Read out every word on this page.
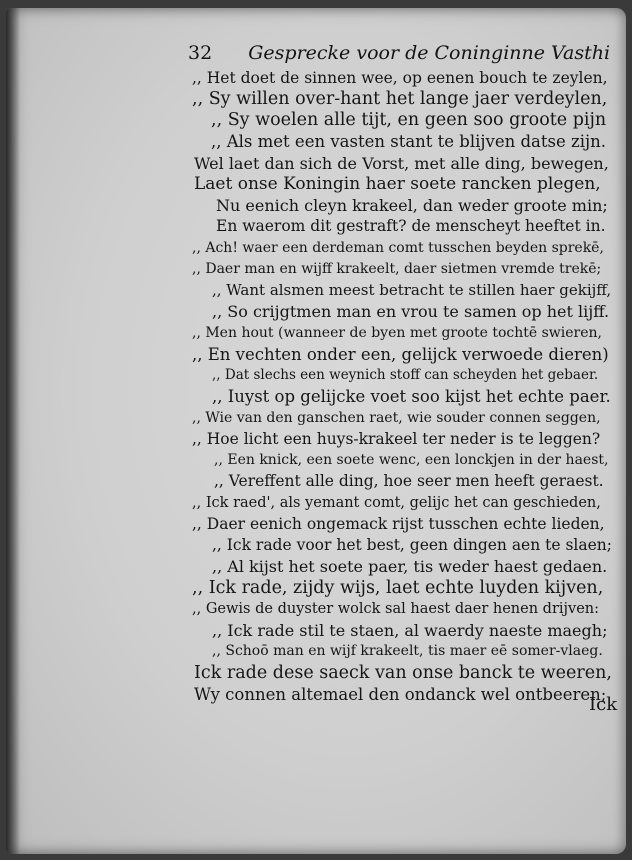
32 Gesprecke voor de Coninginne Vasthi
,, Het doet de sinnen wee, op eenen bouch te zeylen,
,, Sy willen over-hant het lange jaer verdeylen,
,, Sy woelen alle tijt, en geen soo groote pijn
,, Als met een vasten stant te blijven datse zijn.
Wel laet dan sich de Vorst, met alle ding, bewegen,
Laet onse Koningin haer soete rancken plegen,
Nu eenich cleyn krakeel, dan weder groote min;
En waerom dit gestraft? de menscheyt heeftet in.
,, Ach! waer een derdeman comt tusschen beyden sprekē,
,, Daer man en wijff krakeelt, daer sietmen vremde trekē;
,, Want alsmen meest betracht te stillen haer gekijff,
,, So crijgtmen man en vrou te samen op het lijff.
,, Men hout (wanneer de byen met groote tochtē swieren,
,, En vechten onder een, gelijck verwoede dieren)
,, Dat slechs een weynich stoff can scheyden het gebaer.
,, Iuyst op gelijcke voet soo kijst het echte paer.
,, Wie van den ganschen raet, wie souder connen seggen,
,, Hoe licht een huys-krakeel ter neder is te leggen?
,, Een knick, een soete wenc, een lonckjen in der haest,
,, Vereffent alle ding, hoe seer men heeft geraest.
,, Ick raed', als yemant comt, gelijc het can geschieden,
,, Daer eenich ongemack rijst tusschen echte lieden,
,, Ick rade voor het best, geen dingen aen te slaen;
,, Al kijst het soete paer, tis weder haest gedaen.
,, Ick rade, zijdy wijs, laet echte luyden kijven,
,, Gewis de duyster wolck sal haest daer henen drijven:
,, Ick rade stil te staen, al waerdy naeste maegh;
,, Schoō man en wijf krakeelt, tis maer eē somer-vlaeg.
Ick rade dese saeck van onse banck te weeren,
Wy connen altemael den ondanck wel ontbeeren;
Ick
